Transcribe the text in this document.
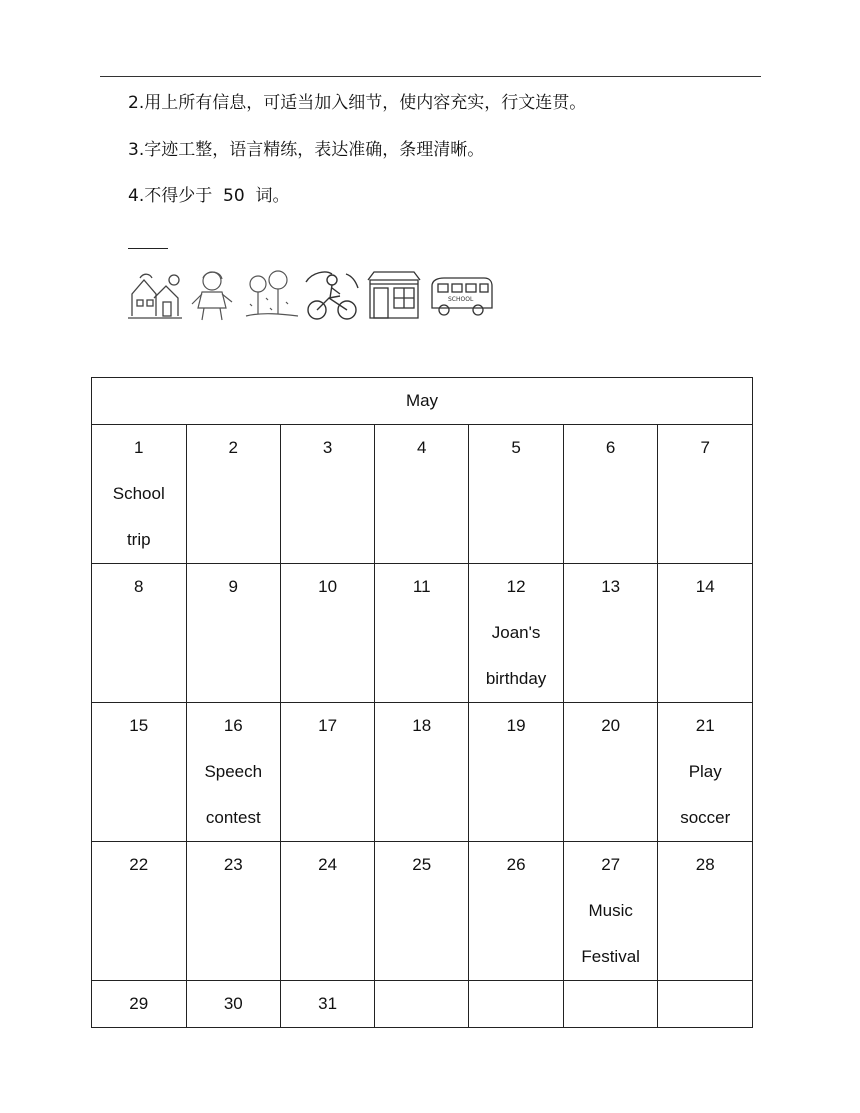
2.用上所有信息，可适当加入细节，使内容充实，行文连贯。
3.字迹工整，语言精练，表达准确，条理清晰。
4.不得少于  50  词。
SCHOOL
May						

1
School
trip	2	3	4	5	6	7

8	9	10	11	12
Joan's
birthday	13	14

15	16
Speech
contest	17	18	19	20	21
Play
soccer

22	23	24	25	26	27
Music
Festival	28

29	30	31				
